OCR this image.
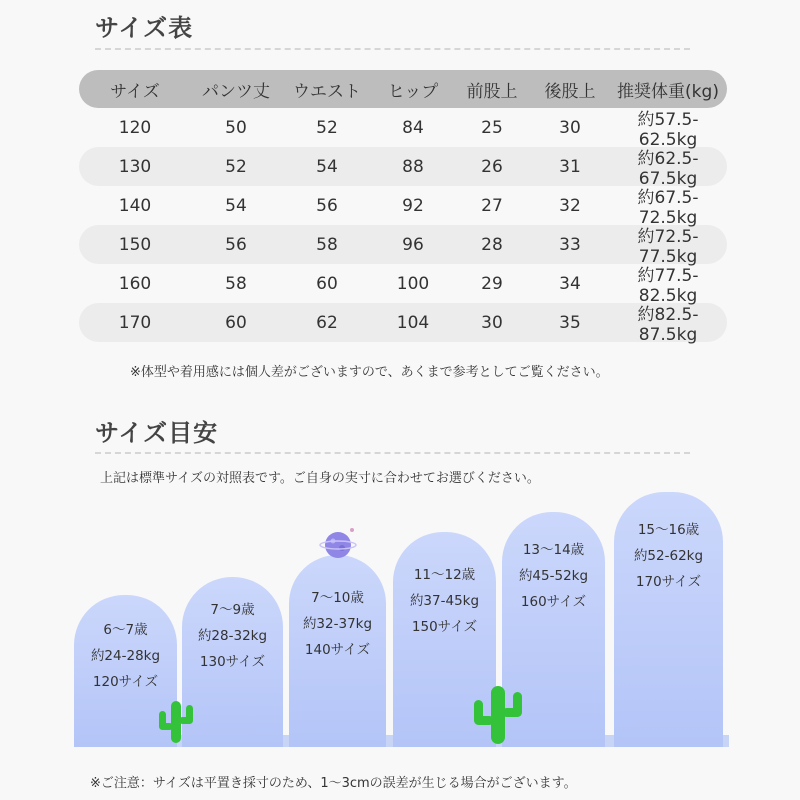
サイズ表
サイズ	パンツ丈	ウエスト	ヒップ	前股上	後股上	推奨体重(kg)
120	50	52	84	25	30	約57.5-62.5kg
130	52	54	88	26	31	約62.5-67.5kg
140	54	56	92	27	32	約67.5-72.5kg
150	56	58	96	28	33	約72.5-77.5kg
160	58	60	100	29	34	約77.5-82.5kg
170	60	62	104	30	35	約82.5-87.5kg
※体型や着用感には個人差がございますので、あくまで参考としてご覧ください。
サイズ目安
上記は標準サイズの対照表です。ご自身の実寸に合わせてお選びください。
6〜7歳
約24-28kg
120サイズ
7〜9歳
約28-32kg
130サイズ
7〜10歳
約32-37kg
140サイズ
11〜12歳
約37-45kg
150サイズ
13〜14歳
約45-52kg
160サイズ
15〜16歳
約52-62kg
170サイズ
※ご注意：サイズは平置き採寸のため、1〜3cmの誤差が生じる場合がございます。
